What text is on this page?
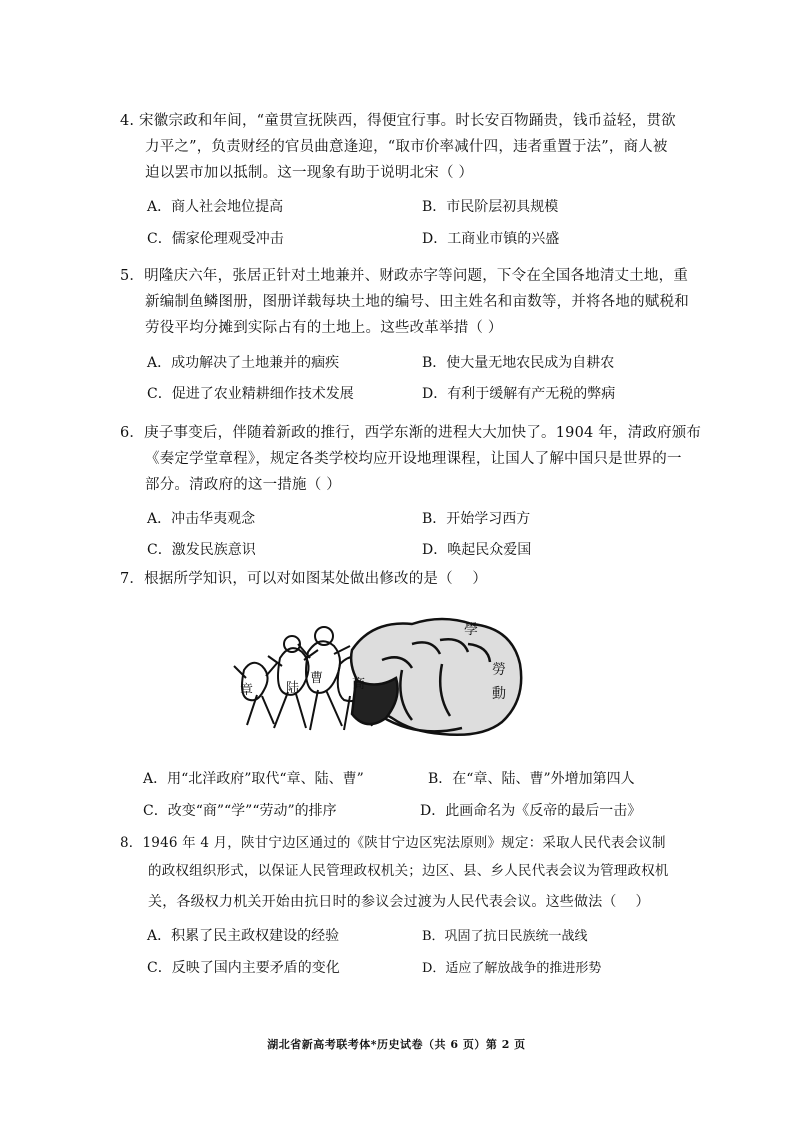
4. 宋徽宗政和年间，“童贯宣抚陕西，得便宜行事。时长安百物踊贵，钱币益轻，贯欲
力平之”，负责财经的官员曲意逢迎，“取市价率减什四，违者重置于法”，商人被
迫以罢市加以抵制。这一现象有助于说明北宋（ ）
A．商人社会地位提高	B．市民阶层初具规模
C．儒家伦理观受冲击	D．工商业市镇的兴盛
5．明隆庆六年，张居正针对土地兼并、财政赤字等问题，下令在全国各地清丈土地，重
新编制鱼鳞图册，图册详载每块土地的编号、田主姓名和亩数等，并将各地的赋税和
劳役平均分摊到实际占有的土地上。这些改革举措（ ）
A．成功解决了土地兼并的痼疾	B．使大量无地农民成为自耕农
C．促进了农业精耕细作技术发展	D．有利于缓解有产无税的弊病
6．庚子事变后，伴随着新政的推行，西学东渐的进程大大加快了。1904 年，清政府颁布
《奏定学堂章程》，规定各类学校均应开设地理课程，让国人了解中国只是世界的一
部分。清政府的这一措施（ ）
A．冲击华夷观念	B．开始学习西方
C．激发民族意识	D．唤起民众爱国
7．根据所学知识，可以对如图某处做出修改的是（　 ）
章	陆
曹 商
學
勞
動
A．用“北洋政府”取代“章、陆、曹”	B．在“章、陆、曹”外增加第四人
C．改变“商”“学”“劳动”的排序	D．此画命名为《反帝的最后一击》
8．1946 年 4 月，陕甘宁边区通过的《陕甘宁边区宪法原则》规定：采取人民代表会议制
的政权组织形式，以保证人民管理政权机关；边区、县、乡人民代表会议为管理政权机
关，各级权力机关开始由抗日时的参议会过渡为人民代表会议。这些做法（　 ）
A．积累了民主政权建设的经验	B．巩固了抗日民族统一战线
C．反映了国内主要矛盾的变化	D．适应了解放战争的推进形势
湖北省新高考联考体*历史试卷（共 6 页）第 2 页
